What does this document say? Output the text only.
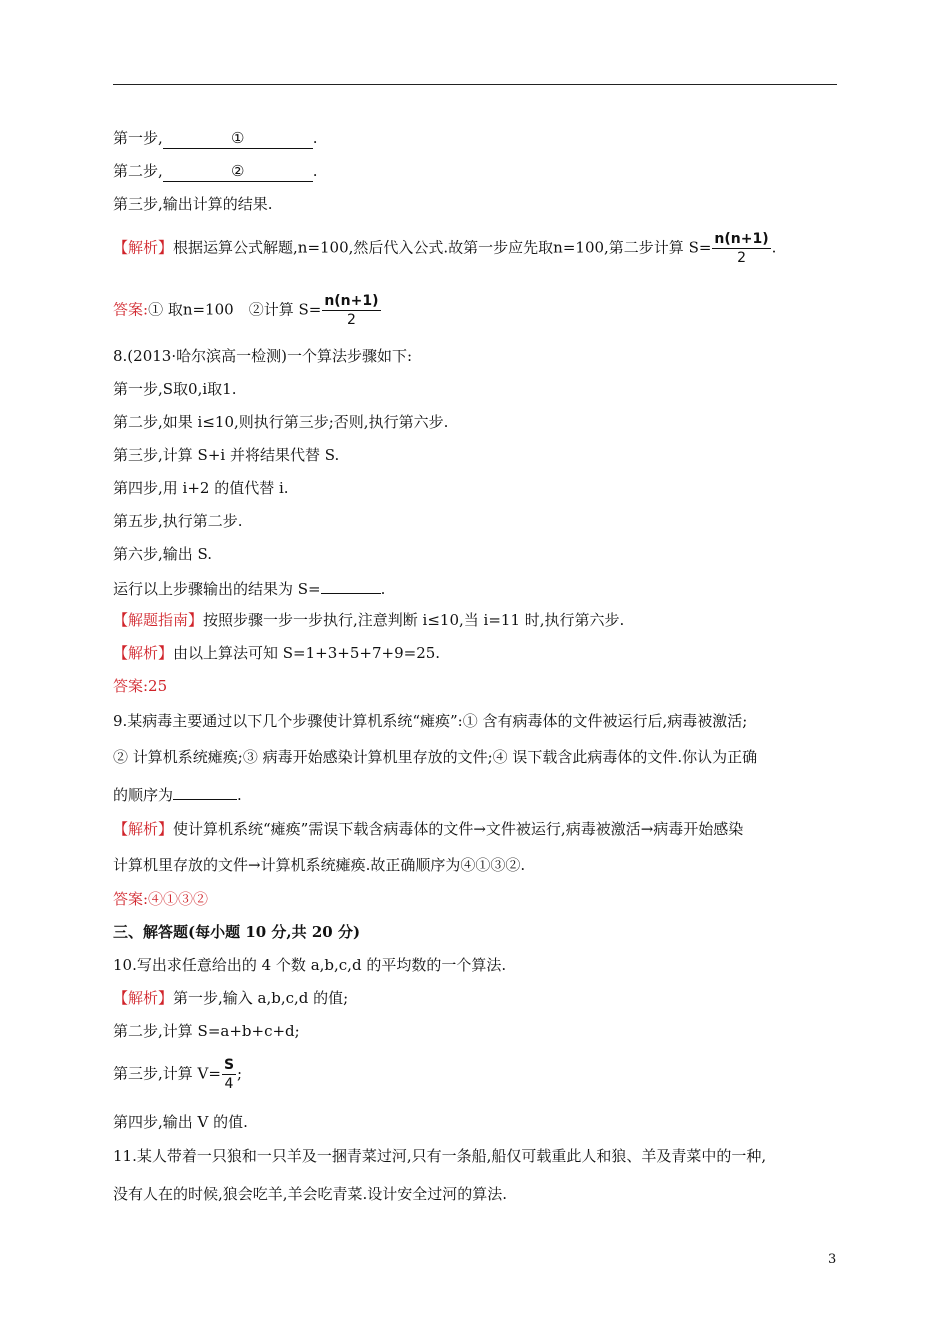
第一步,	①	.
第二步,	②	.
第三步,输出计算的结果.
【解析】根据运算公式解题,n=100,然后代入公式.故第一步应先取n=100,第二步计算 $S= \frac{n(n+1)}{2}$ .
答案:① 取n=100　②计算 $S= \frac{n(n+1)}{2}$
8.(2013·哈尔滨高一检测)一个算法步骤如下:
第一步,S取0,i取1.
第二步,如果 i≤10,则执行第三步;否则,执行第六步.
第三步,计算 S+i 并将结果代替 S.
第四步,用 i+2 的值代替 i.
第五步,执行第二步.
第六步,输出 S.
运行以上步骤输出的结果为 S=	.
【解题指南】按照步骤一步一步执行,注意判断 i≤10,当 i=11 时,执行第六步.
【解析】由以上算法可知 S=1+3+5+7+9=25.
答案:25
9.某病毒主要通过以下几个步骤使计算机系统“瘫痪”:① 含有病毒体的文件被运行后,病毒被激活;
② 计算机系统瘫痪;③ 病毒开始感染计算机里存放的文件;④ 误下载含此病毒体的文件.你认为正确
的顺序为	.
【解析】使计算机系统“瘫痪”需误下载含病毒体的文件→文件被运行,病毒被激活→病毒开始感染
计算机里存放的文件→计算机系统瘫痪.故正确顺序为④①③②.
答案:④①③②
三、解答题(每小题 10 分,共 20 分)
10.写出求任意给出的 4 个数 a,b,c,d 的平均数的一个算法.
【解析】第一步,输入 a,b,c,d 的值;
第二步,计算 S=a+b+c+d;
第三步,计算 $V= \frac{S}{4}$ ;
第四步,输出 V 的值.
11.某人带着一只狼和一只羊及一捆青菜过河,只有一条船,船仅可载重此人和狼、羊及青菜中的一种,
没有人在的时候,狼会吃羊,羊会吃青菜.设计安全过河的算法.
3
